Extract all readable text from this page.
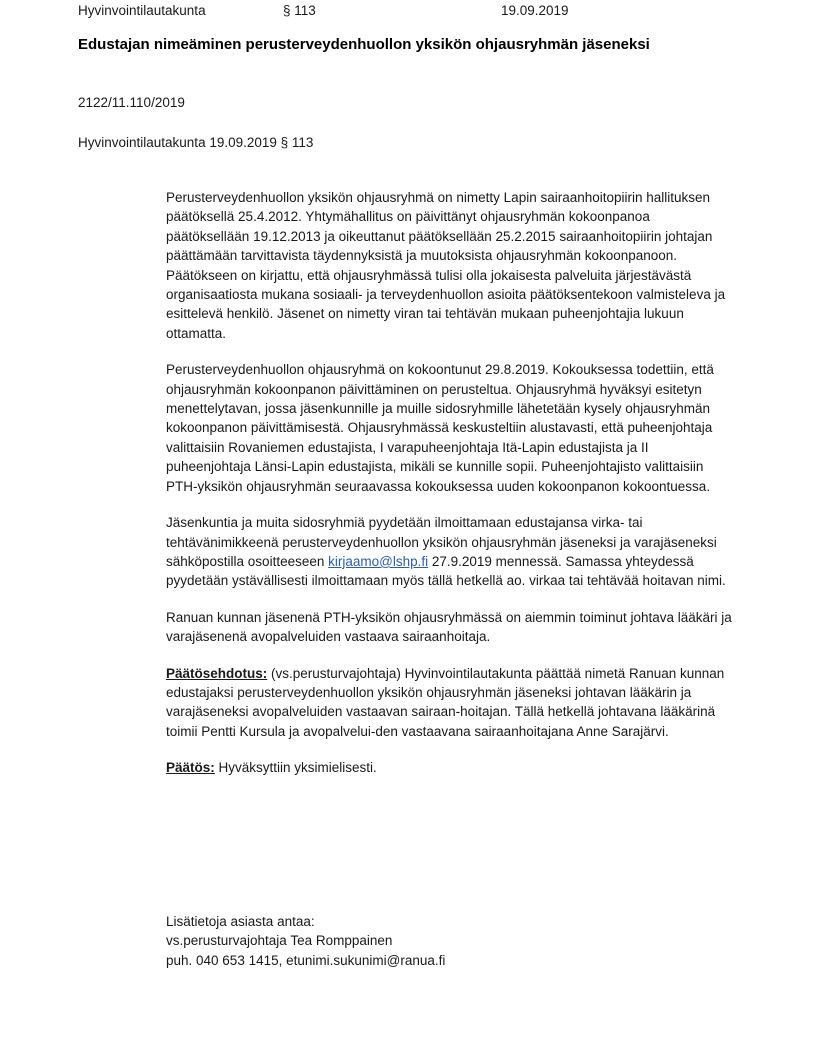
Hyvinvointilautakunta	§ 113	19.09.2019
Edustajan nimeäminen perusterveydenhuollon yksikön ohjausryhmän jäseneksi
2122/11.110/2019
Hyvinvointilautakunta 19.09.2019 § 113

Perusterveydenhuollon yksikön ohjausryhmä on nimetty Lapin sairaanhoitopiirin hallituksen päätöksellä 25.4.2012. Yhtymähallitus on päivittänyt ohjausryhmän kokoonpanoa päätöksellään 19.12.2013 ja oikeuttanut päätöksellään 25.2.2015 sairaanhoitopiirin johtajan päättämään tarvittavista täydennyksistä ja muutoksista ohjausryhmän kokoonpanoon. Päätökseen on kirjattu, että ohjausryhmässä tulisi olla jokaisesta palveluita järjestävästä organisaatiosta mukana sosiaali- ja terveydenhuollon asioita päätöksentekoon valmisteleva ja esittelevä henkilö. Jäsenet on nimetty viran tai tehtävän mukaan puheenjohtajia lukuun ottamatta.

Perusterveydenhuollon ohjausryhmä on kokoontunut 29.8.2019. Kokouksessa todettiin, että ohjausryhmän kokoonpanon päivittäminen on perusteltua. Ohjausryhmä hyväksyi esitetyn menettelytavan, jossa jäsenkunnille ja muille sidosryhmille lähetetään kysely ohjausryhmän kokoonpanon päivittämisestä. Ohjausryhmässä keskusteltiin alustavasti, että puheenjohtaja valittaisiin Rovaniemen edustajista, I varapuheenjohtaja Itä-Lapin edustajista ja II puheenjohtaja Länsi-Lapin edustajista, mikäli se kunnille sopii. Puheenjohtajisto valittaisiin PTH-yksikön ohjausryhmän seuraavassa kokouksessa uuden kokoonpanon kokoontuessa.

Jäsenkuntia ja muita sidosryhmiä pyydetään ilmoittamaan edustajansa virka- tai tehtävänimikkeenä perusterveydenhuollon yksikön ohjausryhmän jäseneksi ja varajäseneksi sähköpostilla osoitteeseen kirjaamo@lshp.fi 27.9.2019 mennessä. Samassa yhteydessä pyydetään ystävällisesti ilmoittamaan myös tällä hetkellä ao. virkaa tai tehtävää hoitavan nimi.

Ranuan kunnan jäsenenä PTH-yksikön ohjausryhmässä on aiemmin toiminut johtava lääkäri ja varajäsenenä avopalveluiden vastaava sairaanhoitaja.

Päätösehdotus: (vs.perusturvajohtaja) Hyvinvointilautakunta päättää nimetä Ranuan kunnan edustajaksi perusterveydenhuollon yksikön ohjausryhmän jäseneksi johtavan lääkärin ja varajäseneksi avopalveluiden vastaavan sairaan-hoitajan. Tällä hetkellä johtavana lääkärinä toimii Pentti Kursula ja avopalvelui-den vastaavana sairaanhoitajana Anne Sarajärvi.

Päätös: Hyväksyttiin yksimielisesti.

Lisätietoja asiasta antaa:
vs.perusturvajohtaja Tea Romppainen
puh. 040 653 1415, etunimi.sukunimi@ranua.fi
